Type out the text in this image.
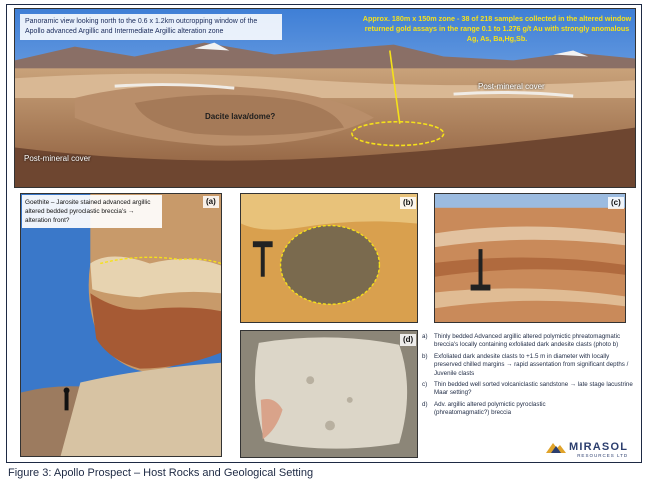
Panoramic view looking north to the 0.6 x 1.2km outcropping window of the Apollo advanced Argillic and Intermediate Argillic alteration zone
Approx. 180m x 150m zone - 38 of 218 samples collected in the altered window returned gold assays in the range 0.1 to 1.276 g/t Au with strongly anomalous Ag, As, Ba,Hg,Sb.
Dacite lava/dome?
Post-mineral cover
Post-mineral cover
Goethite – Jarosite stained advanced argillic altered bedded pyroclastic breccia's → alteration front?
(a)	(b)	(c)
(d)	a)	Thinly bedded Advanced argillic altered polymictic phreatomagmatic breccia's locally containing exfoliated dark andesite clasts (photo b)
b)	Exfoliated dark andesite clasts to +1.5 m in diameter with locally preserved chilled margins → rapid assentation from significant depths / Juvenile clasts
c)	Thin bedded well sorted volcaniclastic sandstone → late stage lacustrine Maar setting?
d)	Adv. argillic altered polymictic pyroclastic (phreatomagmatic?) breccia
MIRASOL
RESOURCES LTD
Figure 3: Apollo Prospect – Host Rocks and Geological Setting
